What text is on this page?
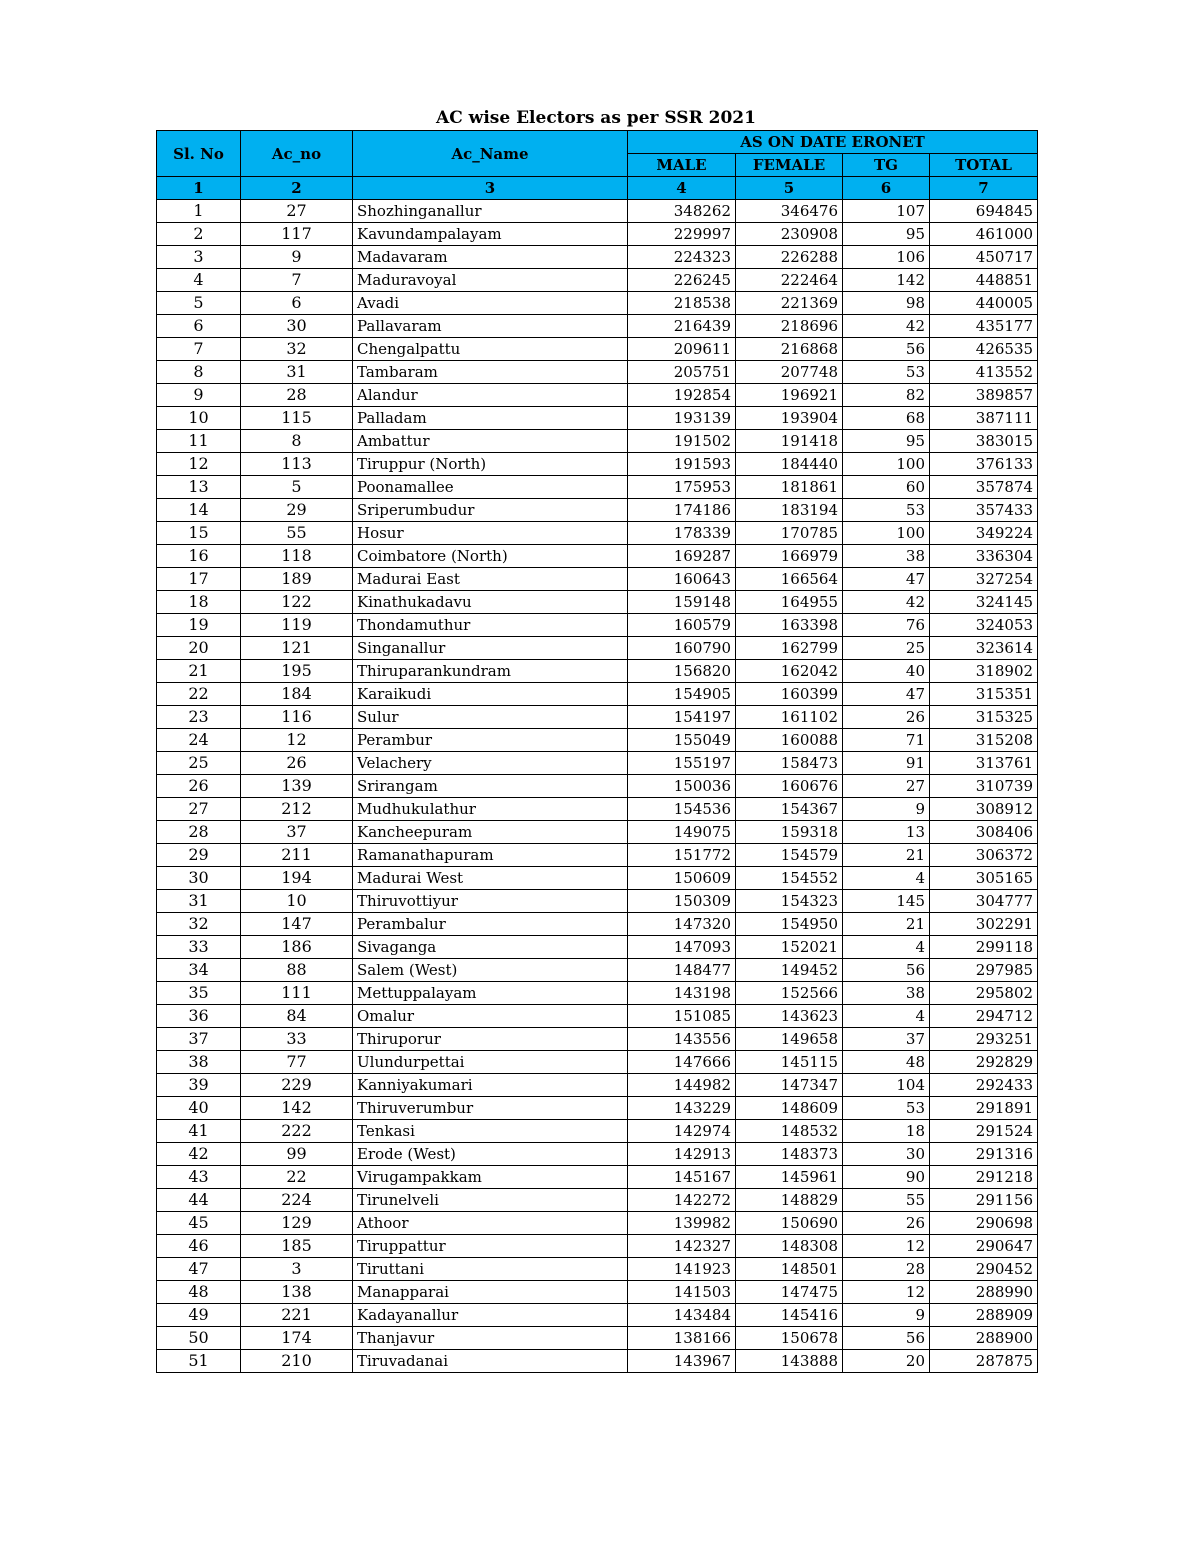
AC wise Electors as per SSR 2021
Sl. No	Ac_no	Ac_Name	AS ON DATE ERONET			
			MALE	FEMALE	TG	TOTAL
1	2	3	4	5	6	7
1	27	Shozhinganallur	348262	346476	107	694845
2	117	Kavundampalayam	229997	230908	95	461000
3	9	Madavaram	224323	226288	106	450717
4	7	Maduravoyal	226245	222464	142	448851
5	6	Avadi	218538	221369	98	440005
6	30	Pallavaram	216439	218696	42	435177
7	32	Chengalpattu	209611	216868	56	426535
8	31	Tambaram	205751	207748	53	413552
9	28	Alandur	192854	196921	82	389857
10	115	Palladam	193139	193904	68	387111
11	8	Ambattur	191502	191418	95	383015
12	113	Tiruppur (North)	191593	184440	100	376133
13	5	Poonamallee	175953	181861	60	357874
14	29	Sriperumbudur	174186	183194	53	357433
15	55	Hosur	178339	170785	100	349224
16	118	Coimbatore (North)	169287	166979	38	336304
17	189	Madurai East	160643	166564	47	327254
18	122	Kinathukadavu	159148	164955	42	324145
19	119	Thondamuthur	160579	163398	76	324053
20	121	Singanallur	160790	162799	25	323614
21	195	Thiruparankundram	156820	162042	40	318902
22	184	Karaikudi	154905	160399	47	315351
23	116	Sulur	154197	161102	26	315325
24	12	Perambur	155049	160088	71	315208
25	26	Velachery	155197	158473	91	313761
26	139	Srirangam	150036	160676	27	310739
27	212	Mudhukulathur	154536	154367	9	308912
28	37	Kancheepuram	149075	159318	13	308406
29	211	Ramanathapuram	151772	154579	21	306372
30	194	Madurai West	150609	154552	4	305165
31	10	Thiruvottiyur	150309	154323	145	304777
32	147	Perambalur	147320	154950	21	302291
33	186	Sivaganga	147093	152021	4	299118
34	88	Salem (West)	148477	149452	56	297985
35	111	Mettuppalayam	143198	152566	38	295802
36	84	Omalur	151085	143623	4	294712
37	33	Thiruporur	143556	149658	37	293251
38	77	Ulundurpettai	147666	145115	48	292829
39	229	Kanniyakumari	144982	147347	104	292433
40	142	Thiruverumbur	143229	148609	53	291891
41	222	Tenkasi	142974	148532	18	291524
42	99	Erode (West)	142913	148373	30	291316
43	22	Virugampakkam	145167	145961	90	291218
44	224	Tirunelveli	142272	148829	55	291156
45	129	Athoor	139982	150690	26	290698
46	185	Tiruppattur	142327	148308	12	290647
47	3	Tiruttani	141923	148501	28	290452
48	138	Manapparai	141503	147475	12	288990
49	221	Kadayanallur	143484	145416	9	288909
50	174	Thanjavur	138166	150678	56	288900
51	210	Tiruvadanai	143967	143888	20	287875
